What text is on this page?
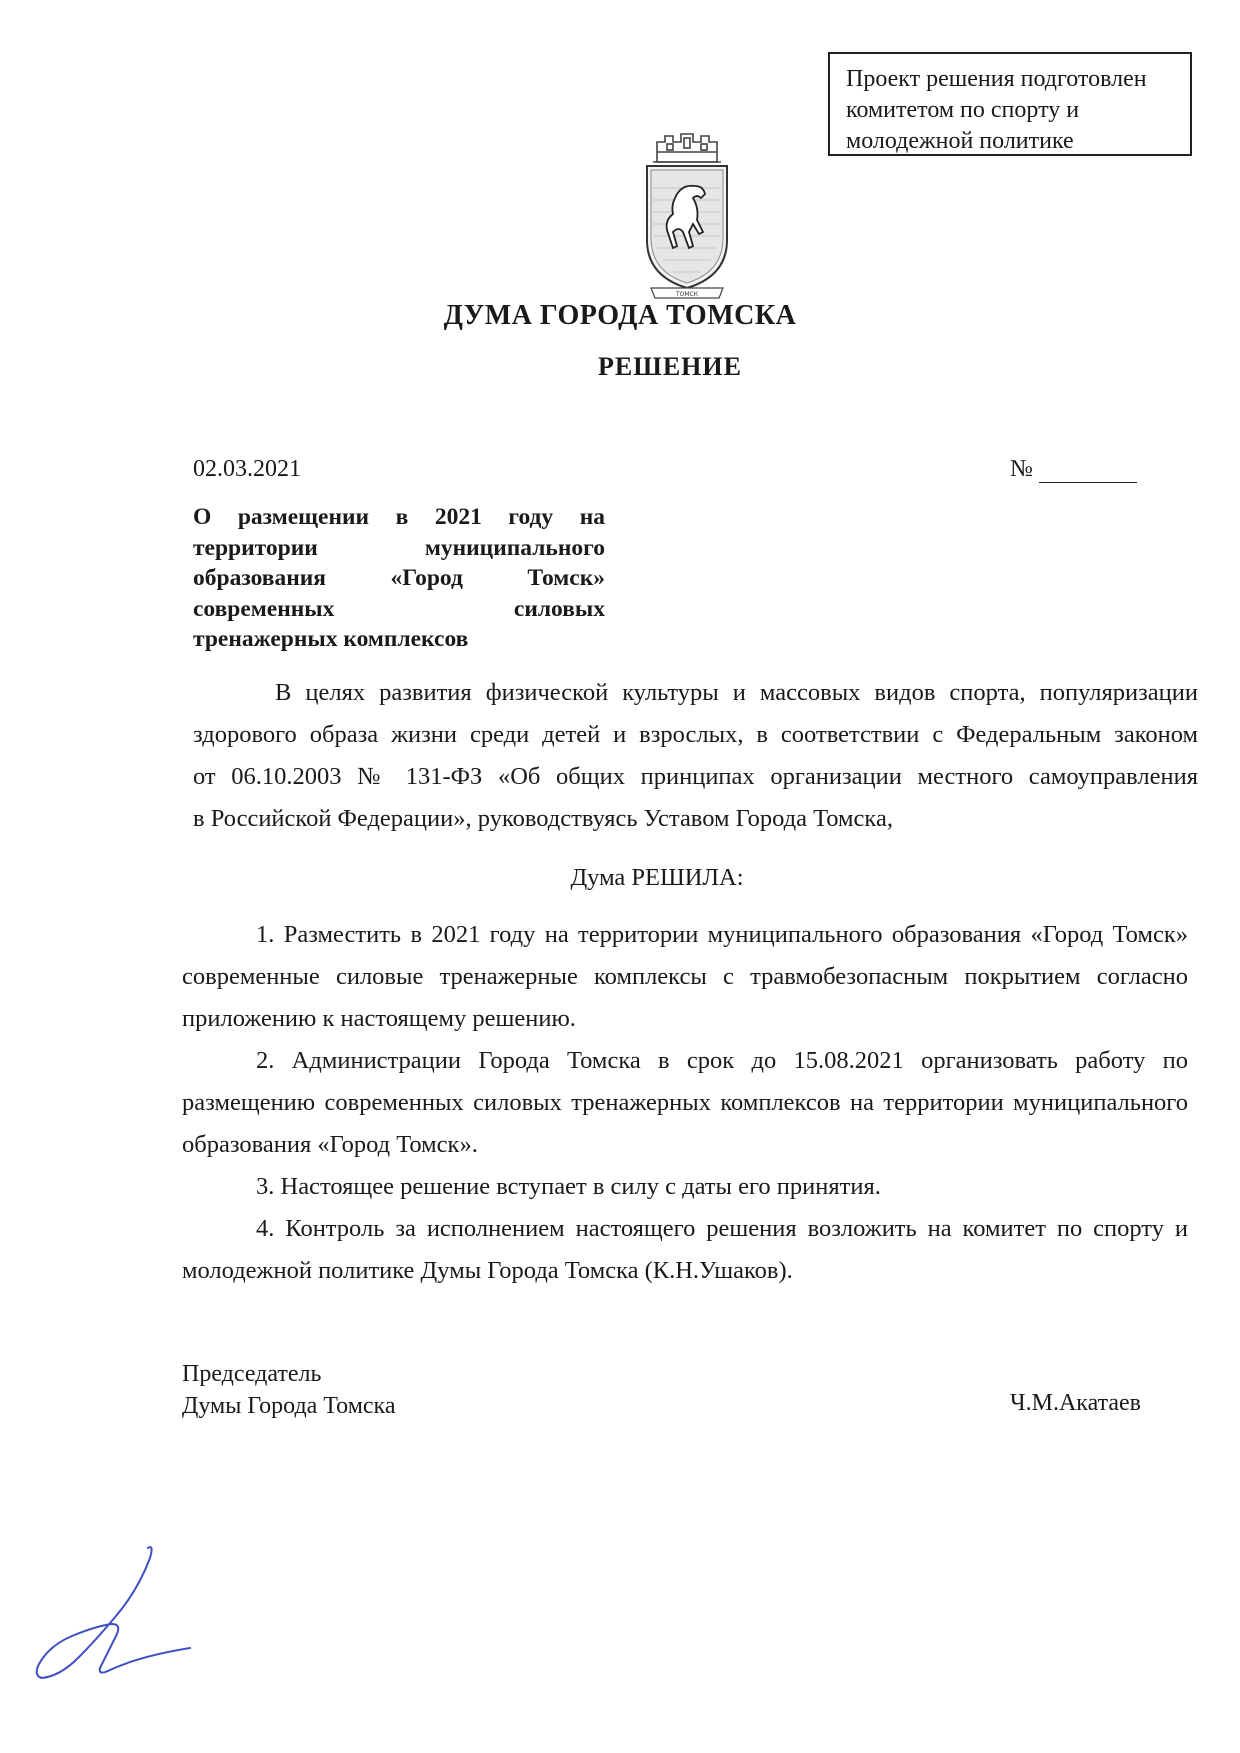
Проект решения подготовлен
комитетом по спорту и
молодежной политике
ТОМСК
ДУМА ГОРОДА ТОМСКА
РЕШЕНИЕ
02.03.2021	№
О размещении в 2021 году на
территории муниципального
образования «Город Томск»
современных силовых
тренажерных комплексов
В целях развития физической культуры и массовых видов спорта, популяризации
здорового образа жизни среди детей и взрослых, в соответствии с Федеральным законом
от 06.10.2003 № 131-ФЗ «Об общих принципах организации местного самоуправления
в Российской Федерации», руководствуясь Уставом Города Томска,
Дума РЕШИЛА:
1. Разместить в 2021 году на территории муниципального образования «Город Томск»
современные силовые тренажерные комплексы с травмобезопасным покрытием согласно
приложению к настоящему решению.
2. Администрации Города Томска в срок до 15.08.2021 организовать работу по
размещению современных силовых тренажерных комплексов на территории муниципального
образования «Город Томск».
3. Настоящее решение вступает в силу с даты его принятия.
4. Контроль за исполнением настоящего решения возложить на комитет по спорту и
молодежной политике Думы Города Томска (К.Н.Ушаков).
Председатель
Думы Города Томска	Ч.М.Акатаев
